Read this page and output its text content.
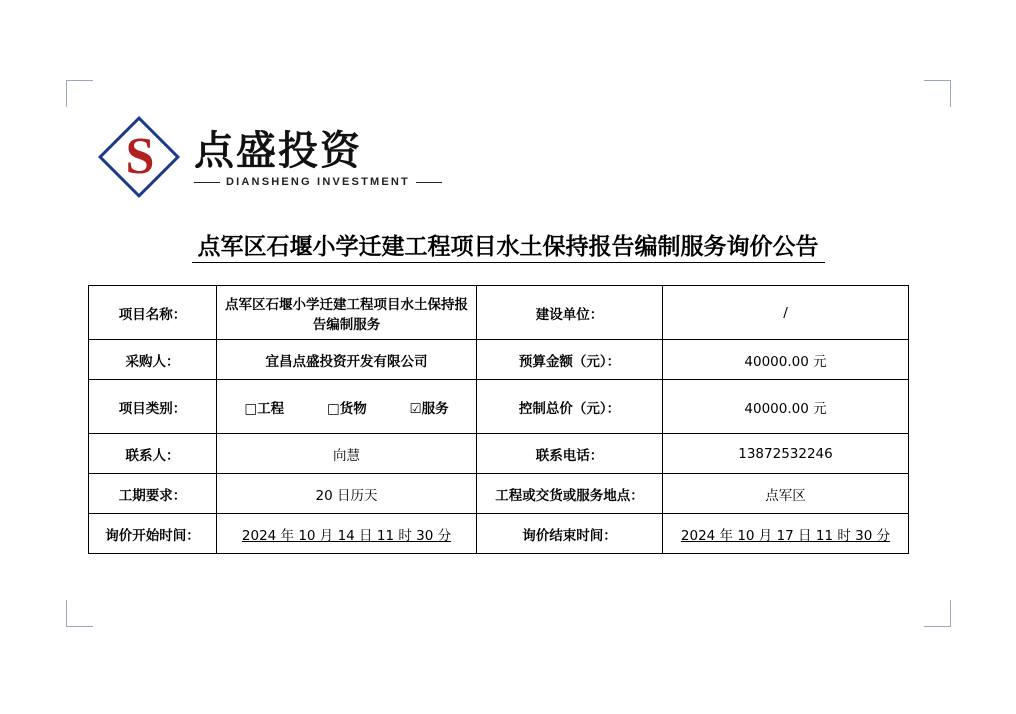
S 点盛投资
DIANSHENG INVESTMENT
点军区石堰小学迁建工程项目水土保持报告编制服务询价公告
项目名称：	点军区石堰小学迁建工程项目水土保持报告编制服务	建设单位：	/
采购人：	宜昌点盛投资开发有限公司	预算金额（元）：	40000.00 元
项目类别：	□工程 □货物 ☑服务	控制总价（元）：	40000.00 元
联系人：	向慧	联系电话：	13872532246
工期要求：	20 日历天	工程或交货或服务地点：	点军区
询价开始时间：	2024 年 10 月 14 日 11 时 30 分	询价结束时间：	2024 年 10 月 17 日 11 时 30 分
